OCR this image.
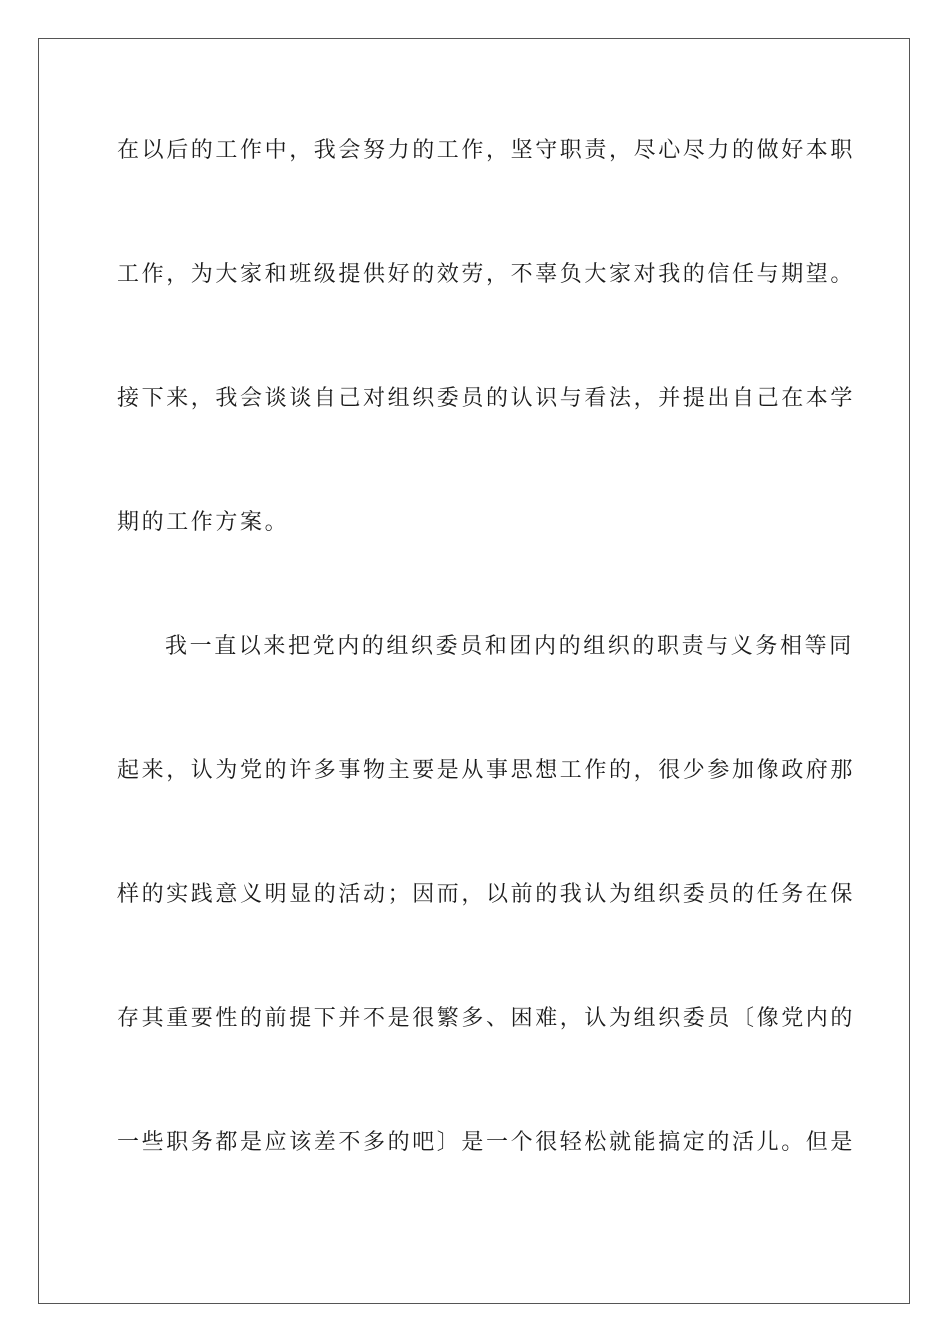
在以后的工作中，我会努力的工作，坚守职责，尽心尽力的做好本职
工作，为大家和班级提供好的效劳，不辜负大家对我的信任与期望。
接下来，我会谈谈自己对组织委员的认识与看法，并提出自己在本学
期的工作方案。
我一直以来把党内的组织委员和团内的组织的职责与义务相等同
起来，认为党的许多事物主要是从事思想工作的，很少参加像政府那
样的实践意义明显的活动；因而，以前的我认为组织委员的任务在保
存其重要性的前提下并不是很繁多、困难，认为组织委员〔像党内的
一些职务都是应该差不多的吧〕是一个很轻松就能搞定的活儿。但是
